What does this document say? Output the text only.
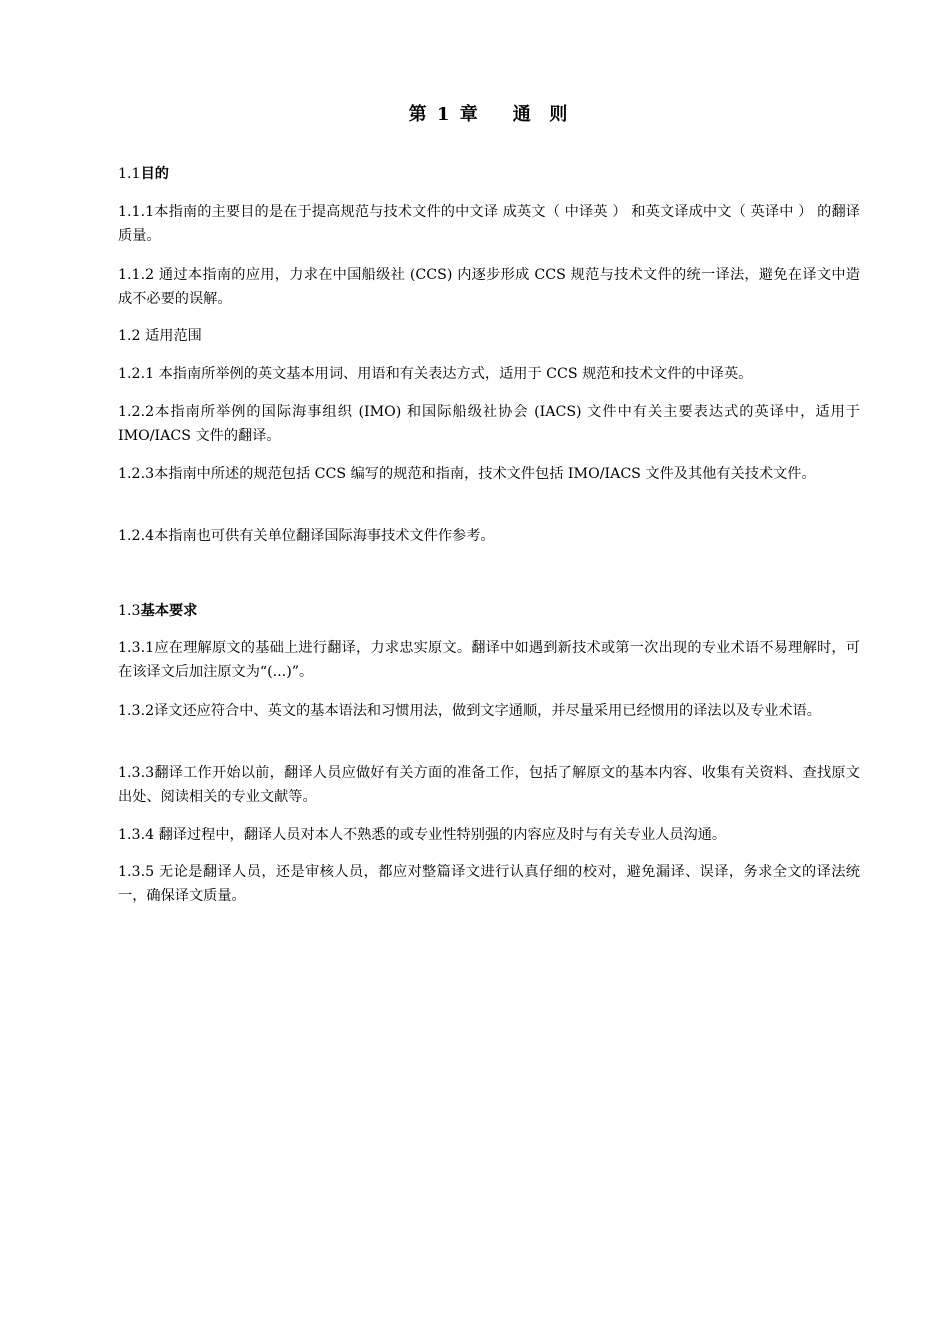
第 1 章    通  则

1.1目的

1.1.1本指南的主要目的是在于提高规范与技术文件的中文译 成英文（ 中译英 ） 和英文译成中文（ 英译中 ） 的翻译质量。

1.1.2 通过本指南的应用，力求在中国船级社 (CCS) 内逐步形成 CCS 规范与技术文件的统一译法，避免在译文中造成不必要的误解。

1.2 适用范围

1.2.1 本指南所举例的英文基本用词、用语和有关表达方式，适用于 CCS 规范和技术文件的中译英。

1.2.2本指南所举例的国际海事组织 (IMO) 和国际船级社协会 (IACS) 文件中有关主要表达式的英译中，适用于IMO/IACS 文件的翻译。

1.2.3本指南中所述的规范包括 CCS 编写的规范和指南，技术文件包括 IMO/IACS 文件及其他有关技术文件。

1.2.4本指南也可供有关单位翻译国际海事技术文件作参考。

1.3基本要求

1.3.1应在理解原文的基础上进行翻译，力求忠实原文。翻译中如遇到新技术或第一次出现的专业术语不易理解时，可在该译文后加注原文为“(...)”。

1.3.2译文还应符合中、英文的基本语法和习惯用法，做到文字通顺，并尽量采用已经惯用的译法以及专业术语。

1.3.3翻译工作开始以前，翻译人员应做好有关方面的准备工作，包括了解原文的基本内容、收集有关资料、查找原文出处、阅读相关的专业文献等。

1.3.4 翻译过程中，翻译人员对本人不熟悉的或专业性特别强的内容应及时与有关专业人员沟通。

1.3.5 无论是翻译人员，还是审核人员，都应对整篇译文进行认真仔细的校对，避免漏译、误译，务求全文的译法统一，确保译文质量。
